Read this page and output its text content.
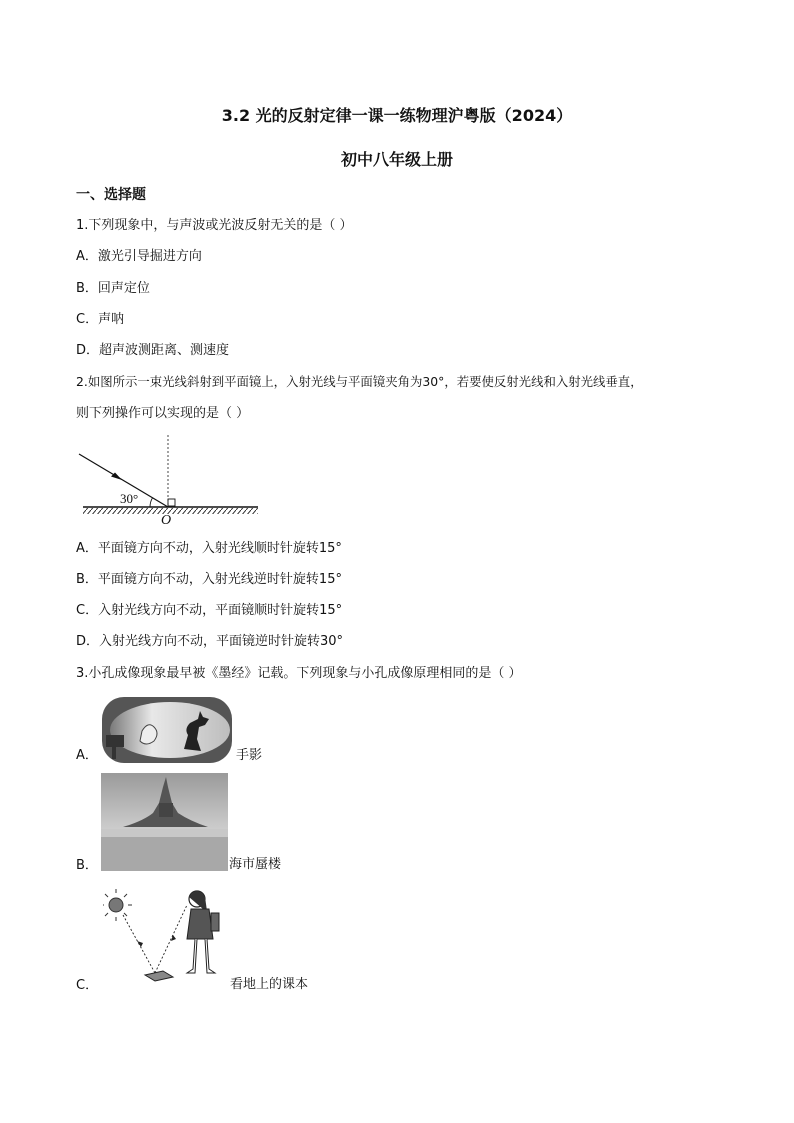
3.2 光的反射定律一课一练物理沪粤版（2024）
初中八年级上册
一、选择题
1.下列现象中，与声波或光波反射无关的是（ ）
A．激光引导掘进方向
B．回声定位
C．声呐
D．超声波测距离、测速度
2.如图所示一束光线斜射到平面镜上，入射光线与平面镜夹角为30°，若要使反射光线和入射光线垂直，
则下列操作可以实现的是（ ）
30°
O
A．平面镜方向不动，入射光线顺时针旋转15°
B．平面镜方向不动，入射光线逆时针旋转15°
C．入射光线方向不动，平面镜顺时针旋转15°
D．入射光线方向不动，平面镜逆时针旋转30°
3.小孔成像现象最早被《墨经》记载。下列现象与小孔成像原理相同的是（ ）
A．	手影
B．	海市蜃楼
C．	看地上的课本
